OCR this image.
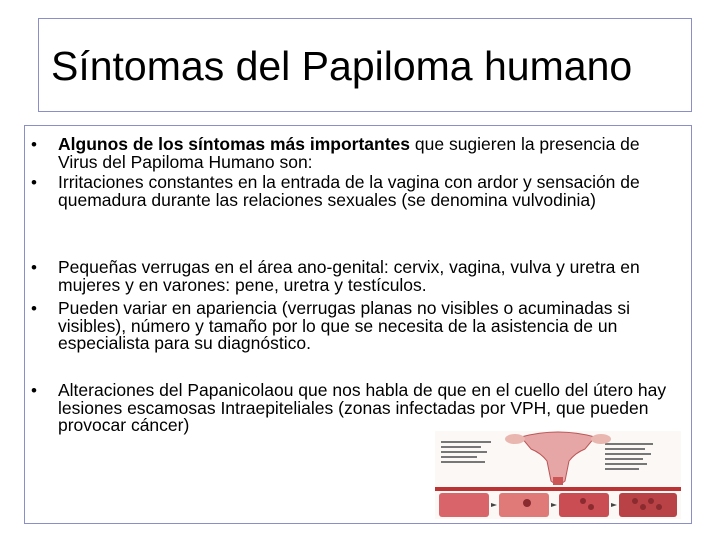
Síntomas del Papiloma humano
• Algunos de los síntomas más importantes que sugieren la presencia de Virus del Papiloma Humano son:
• Irritaciones constantes en la entrada de la vagina con ardor y sensación de quemadura durante las relaciones sexuales (se denomina vulvodinia)
• Pequeñas verrugas en el área ano-genital: cervix, vagina, vulva y uretra en mujeres y en varones: pene, uretra y testículos.
• Pueden variar en apariencia (verrugas planas no visibles o acuminadas si visibles), número y tamaño por lo que se necesita de la asistencia de un especialista para su diagnóstico.
• Alteraciones del Papanicolaou que nos habla de que en el cuello del útero hay lesiones escamosas Intraepiteliales (zonas infectadas por VPH, que pueden provocar cáncer)
